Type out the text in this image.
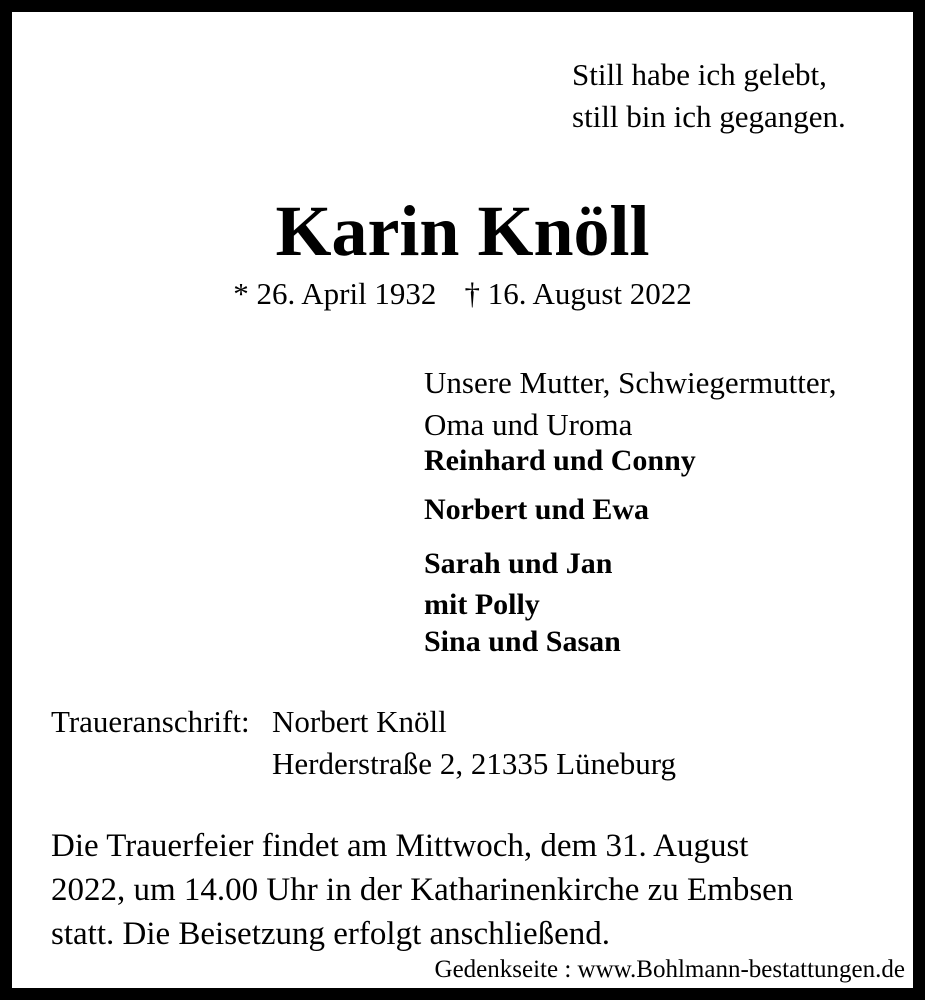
Still habe ich gelebt,
still bin ich gegangen.
Karin Knöll
* 26. April 1932 † 16. August 2022
Unsere Mutter, Schwiegermutter,
Oma und Uroma
Reinhard und Conny
Norbert und Ewa
Sarah und Jan
mit Polly
Sina und Sasan
Traueranschrift: Norbert Knöll
Herderstraße 2, 21335 Lüneburg
Die Trauerfeier findet am Mittwoch, dem 31. August
2022, um 14.00 Uhr in der Katharinenkirche zu Embsen
statt. Die Beisetzung erfolgt anschließend.
Gedenkseite : www.Bohlmann-bestattungen.de
